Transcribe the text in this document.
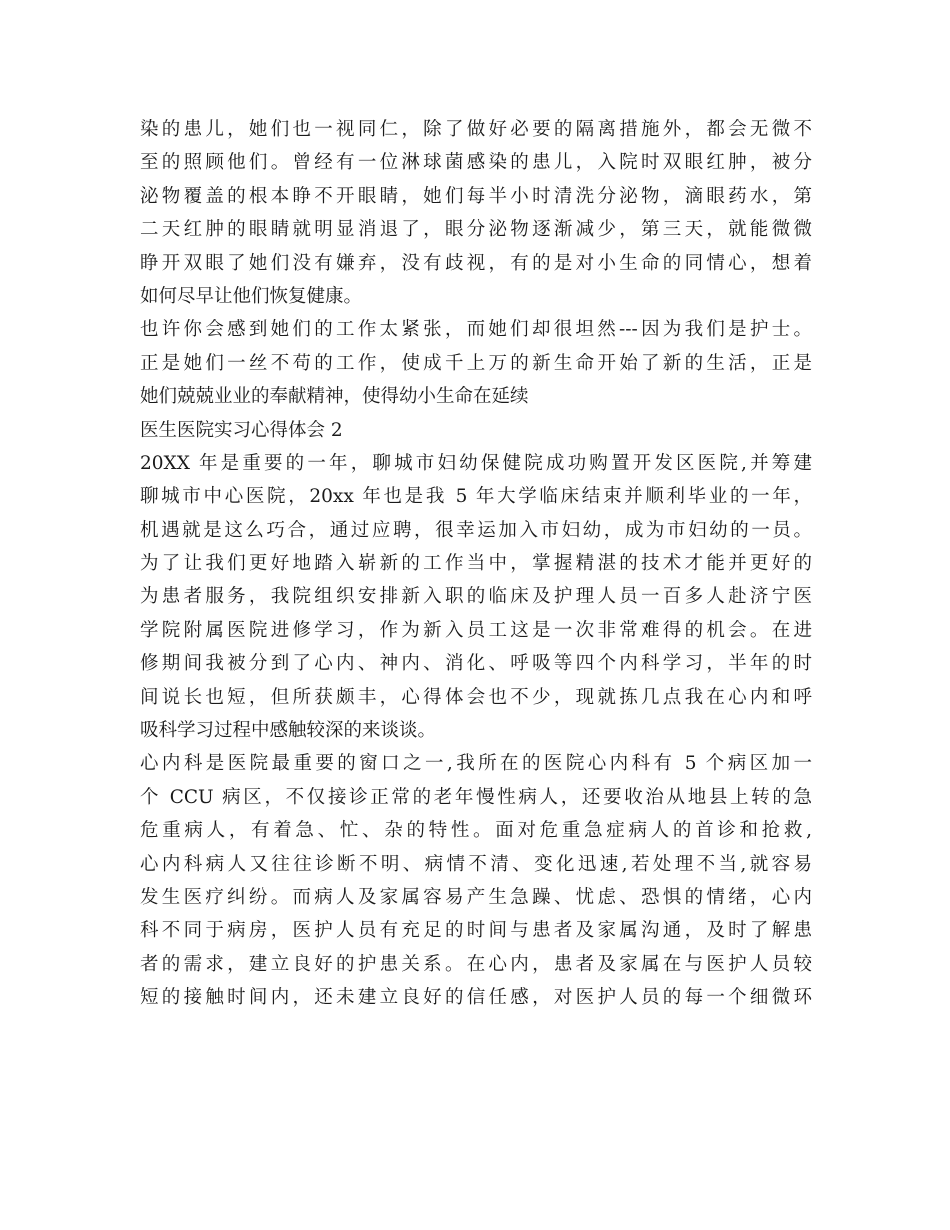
染的患儿，她们也一视同仁，除了做好必要的隔离措施外，都会无微不
至的照顾他们。曾经有一位淋球菌感染的患儿，入院时双眼红肿，被分
泌物覆盖的根本睁不开眼睛，她们每半小时清洗分泌物，滴眼药水，第
二天红肿的眼睛就明显消退了，眼分泌物逐渐减少，第三天，就能微微
睁开双眼了她们没有嫌弃，没有歧视，有的是对小生命的同情心，想着
如何尽早让他们恢复健康。
也许你会感到她们的工作太紧张，而她们却很坦然---因为我们是护士。
正是她们一丝不苟的工作，使成千上万的新生命开始了新的生活，正是
她们兢兢业业的奉献精神，使得幼小生命在延续
医生医院实习心得体会 2
20XX 年是重要的一年，聊城市妇幼保健院成功购置开发区医院,并筹建
聊城市中心医院，20xx 年也是我 5 年大学临床结束并顺利毕业的一年，
机遇就是这么巧合，通过应聘，很幸运加入市妇幼，成为市妇幼的一员。
为了让我们更好地踏入崭新的工作当中，掌握精湛的技术才能并更好的
为患者服务，我院组织安排新入职的临床及护理人员一百多人赴济宁医
学院附属医院进修学习，作为新入员工这是一次非常难得的机会。在进
修期间我被分到了心内、神内、消化、呼吸等四个内科学习，半年的时
间说长也短，但所获颇丰，心得体会也不少，现就拣几点我在心内和呼
吸科学习过程中感触较深的来谈谈。
心内科是医院最重要的窗口之一,我所在的医院心内科有 5 个病区加一
个 CCU 病区，不仅接诊正常的老年慢性病人，还要收治从地县上转的急
危重病人，有着急、忙、杂的特性。面对危重急症病人的首诊和抢救,
心内科病人又往往诊断不明、病情不清、变化迅速,若处理不当,就容易
发生医疗纠纷。而病人及家属容易产生急躁、忧虑、恐惧的情绪，心内
科不同于病房，医护人员有充足的时间与患者及家属沟通，及时了解患
者的需求，建立良好的护患关系。在心内，患者及家属在与医护人员较
短的接触时间内，还未建立良好的信任感，对医护人员的每一个细微环
